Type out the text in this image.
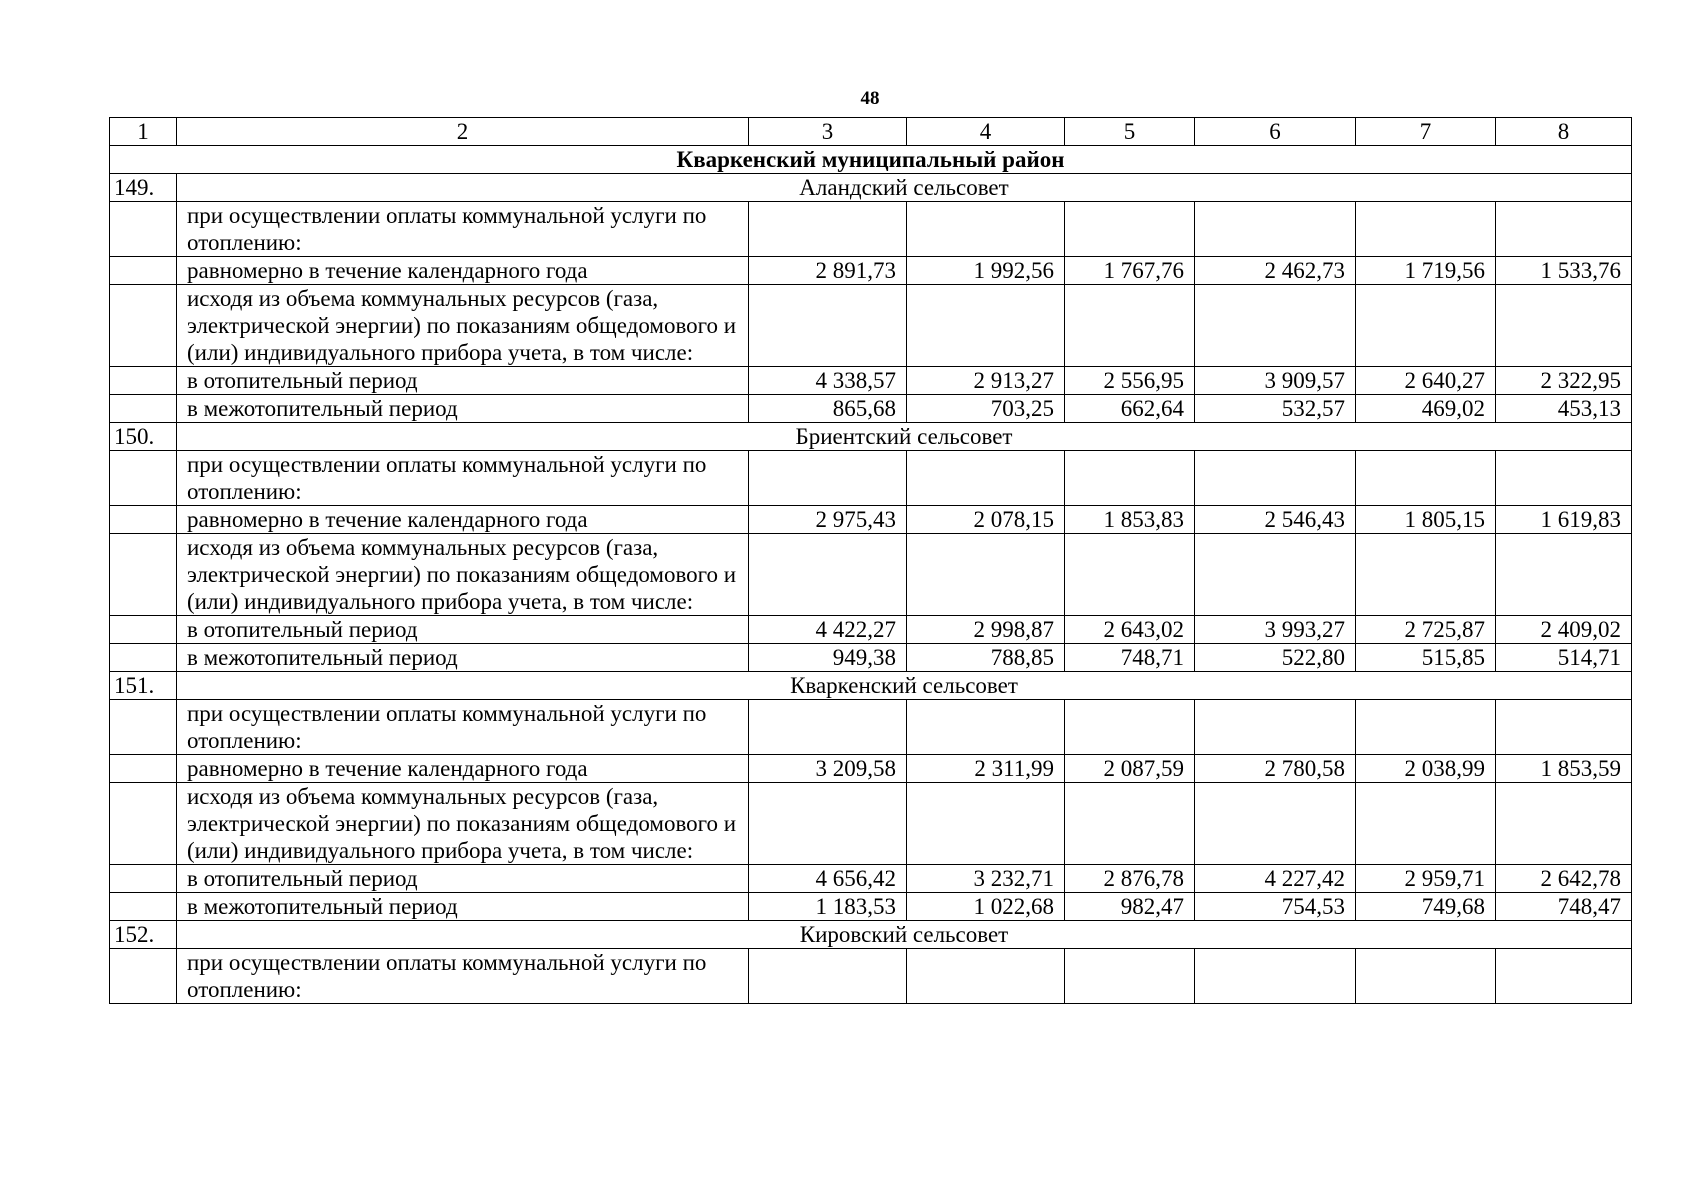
48
1	2	3	4	5	6	7	8
Кваркенский муниципальный район							
149.	Аландский сельсовет						
	при осуществлении оплаты коммунальной услуги по отоплению:						
	равномерно в течение календарного года	2 891,73	1 992,56	1 767,76	2 462,73	1 719,56	1 533,76
	исходя из объема коммунальных ресурсов (газа, электрической энергии) по показаниям общедомового и (или) индивидуального прибора учета, в том числе:						
	в отопительный период	4 338,57	2 913,27	2 556,95	3 909,57	2 640,27	2 322,95
	в межотопительный период	865,68	703,25	662,64	532,57	469,02	453,13
150.	Бриентский сельсовет						
	при осуществлении оплаты коммунальной услуги по отоплению:						
	равномерно в течение календарного года	2 975,43	2 078,15	1 853,83	2 546,43	1 805,15	1 619,83
	исходя из объема коммунальных ресурсов (газа, электрической энергии) по показаниям общедомового и (или) индивидуального прибора учета, в том числе:						
	в отопительный период	4 422,27	2 998,87	2 643,02	3 993,27	2 725,87	2 409,02
	в межотопительный период	949,38	788,85	748,71	522,80	515,85	514,71
151.	Кваркенский сельсовет						
	при осуществлении оплаты коммунальной услуги по отоплению:						
	равномерно в течение календарного года	3 209,58	2 311,99	2 087,59	2 780,58	2 038,99	1 853,59
	исходя из объема коммунальных ресурсов (газа, электрической энергии) по показаниям общедомового и (или) индивидуального прибора учета, в том числе:						
	в отопительный период	4 656,42	3 232,71	2 876,78	4 227,42	2 959,71	2 642,78
	в межотопительный период	1 183,53	1 022,68	982,47	754,53	749,68	748,47
152.	Кировский сельсовет						
	при осуществлении оплаты коммунальной услуги по отоплению:						
